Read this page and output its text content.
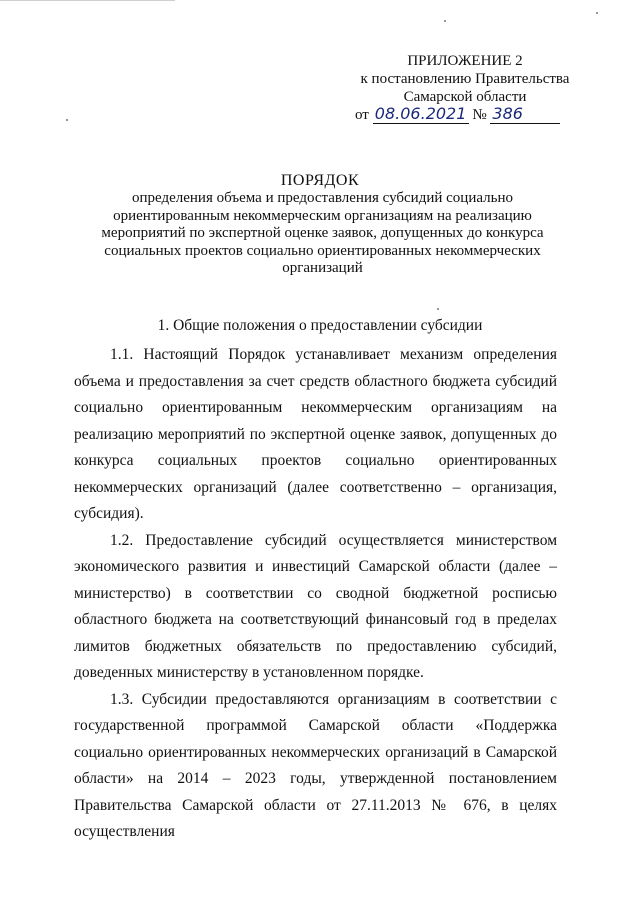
ПРИЛОЖЕНИЕ 2
к постановлению Правительства
Самарской области
от 08.06.2021 № 386
ПОРЯДОК
определения объема и предоставления субсидий социально ориентированным некоммерческим организациям на реализацию мероприятий по экспертной оценке заявок, допущенных до конкурса социальных проектов социально ориентированных некоммерческих организаций
1. Общие положения о предоставлении субсидии

1.1. Настоящий Порядок устанавливает механизм определения объема и предоставления за счет средств областного бюджета субсидий социально ориентированным некоммерческим организациям на реализацию мероприятий по экспертной оценке заявок, допущенных до конкурса социальных проектов социально ориентированных некоммерческих организаций (далее соответственно – организация, субсидия).

1.2. Предоставление субсидий осуществляется министерством экономического развития и инвестиций Самарской области (далее – министерство) в соответствии со сводной бюджетной росписью областного бюджета на соответствующий финансовый год в пределах лимитов бюджетных обязательств по предоставлению субсидий, доведенных министерству в установленном порядке.

1.3. Субсидии предоставляются организациям в соответствии с государственной программой Самарской области «Поддержка социально ориентированных некоммерческих организаций в Самарской области» на 2014 – 2023 годы, утвержденной постановлением Правительства Самарской области от 27.11.2013 № 676, в целях осуществления
